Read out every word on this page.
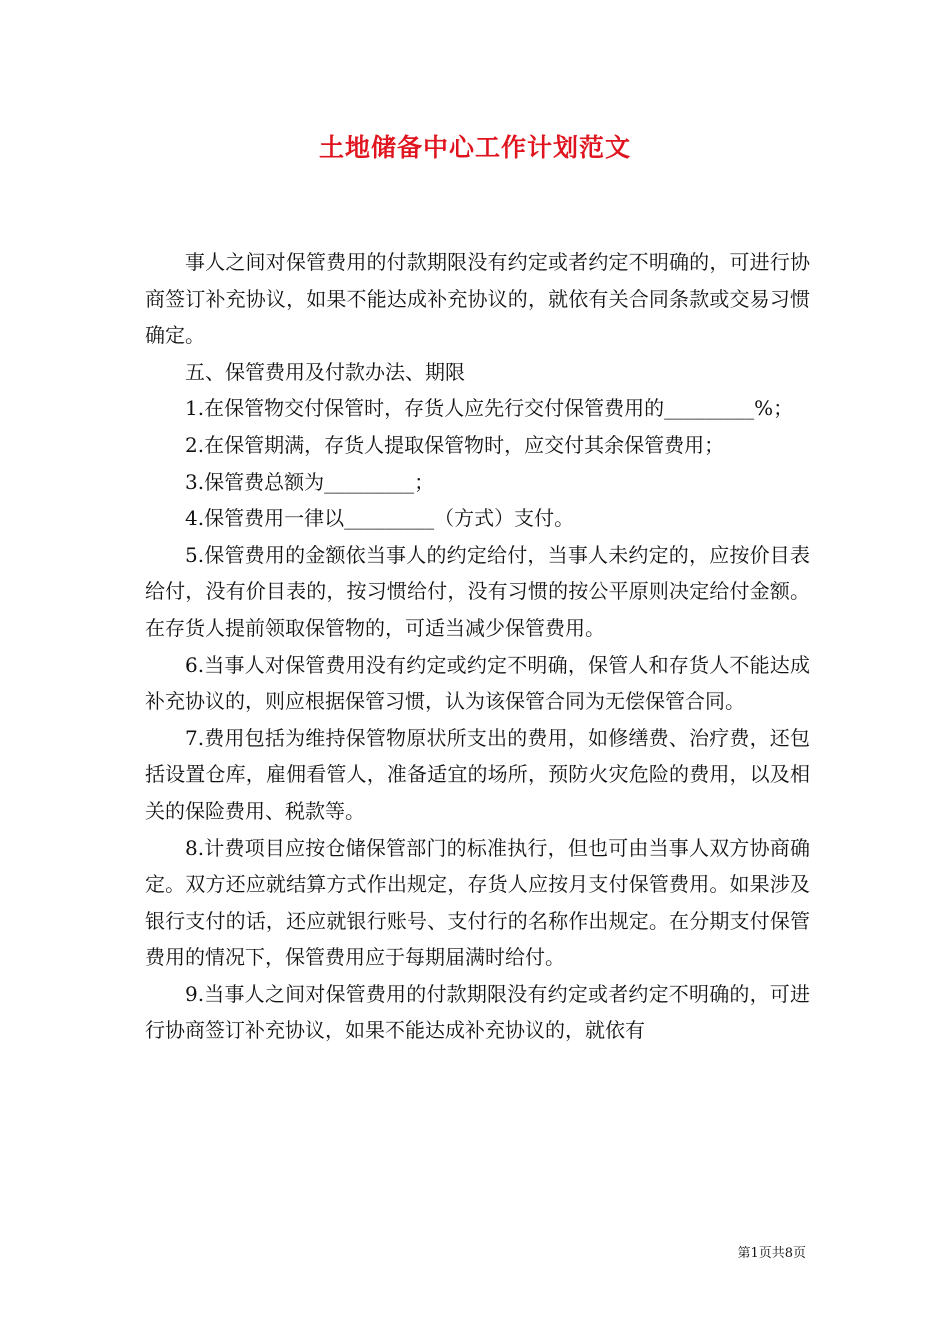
土地储备中心工作计划范文

事人之间对保管费用的付款期限没有约定或者约定不明确的，可进行协商签订补充协议，如果不能达成补充协议的，就依有关合同条款或交易习惯确定。

五、保管费用及付款办法、期限

1.在保管物交付保管时，存货人应先行交付保管费用的_________%；

2.在保管期满，存货人提取保管物时，应交付其余保管费用；

3.保管费总额为_________；

4.保管费用一律以_________（方式）支付。

5.保管费用的金额依当事人的约定给付，当事人未约定的，应按价目表给付，没有价目表的，按习惯给付，没有习惯的按公平原则决定给付金额。在存货人提前领取保管物的，可适当减少保管费用。

6.当事人对保管费用没有约定或约定不明确，保管人和存货人不能达成补充协议的，则应根据保管习惯，认为该保管合同为无偿保管合同。

7.费用包括为维持保管物原状所支出的费用，如修缮费、治疗费，还包括设置仓库，雇佣看管人，准备适宜的场所，预防火灾危险的费用，以及相关的保险费用、税款等。

8.计费项目应按仓储保管部门的标准执行，但也可由当事人双方协商确定。双方还应就结算方式作出规定，存货人应按月支付保管费用。如果涉及银行支付的话，还应就银行账号、支付行的名称作出规定。在分期支付保管费用的情况下，保管费用应于每期届满时给付。

9.当事人之间对保管费用的付款期限没有约定或者约定不明确的，可进行协商签订补充协议，如果不能达成补充协议的，就依有

第1页共8页
